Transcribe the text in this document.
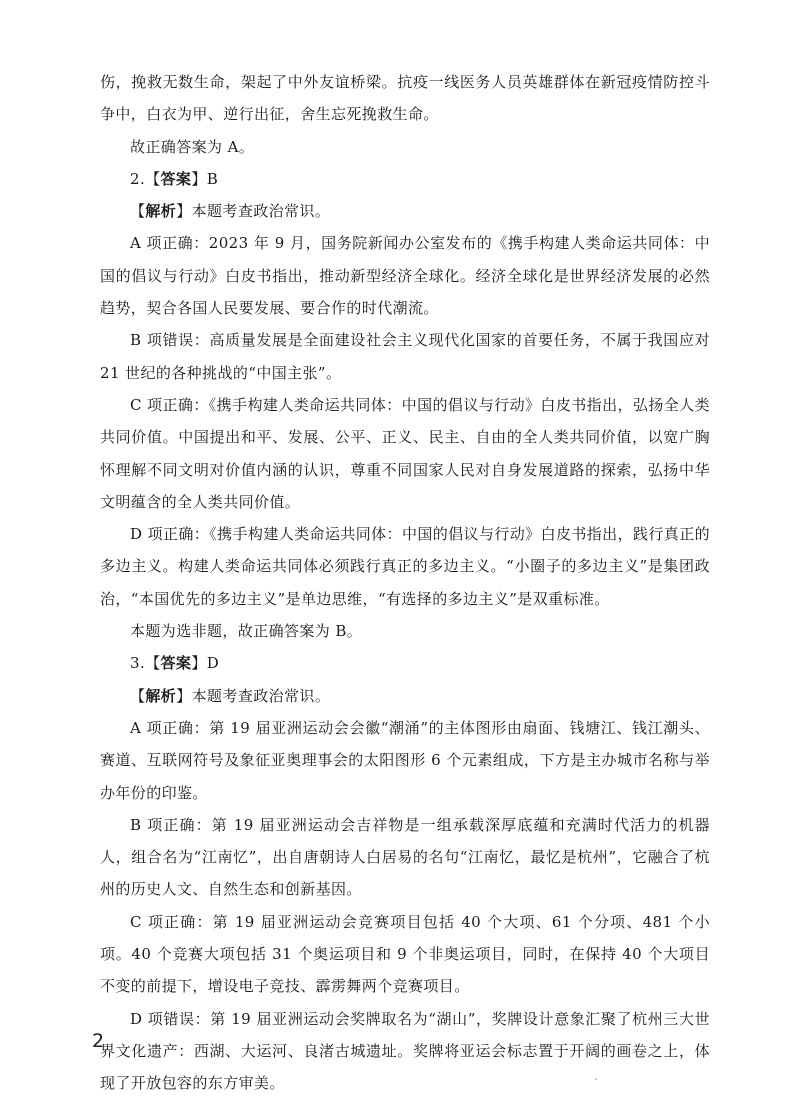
伤，挽救无数生命，架起了中外友谊桥梁。抗疫一线医务人员英雄群体在新冠疫情防控斗争中，白衣为甲、逆行出征，舍生忘死挽救生命。

故正确答案为 A。

2.【答案】B

【解析】本题考查政治常识。

A 项正确：2023 年 9 月，国务院新闻办公室发布的《携手构建人类命运共同体：中国的倡议与行动》白皮书指出，推动新型经济全球化。经济全球化是世界经济发展的必然趋势，契合各国人民要发展、要合作的时代潮流。

B 项错误：高质量发展是全面建设社会主义现代化国家的首要任务，不属于我国应对 21 世纪的各种挑战的“中国主张”。

C 项正确：《携手构建人类命运共同体：中国的倡议与行动》白皮书指出，弘扬全人类共同价值。中国提出和平、发展、公平、正义、民主、自由的全人类共同价值，以宽广胸怀理解不同文明对价值内涵的认识，尊重不同国家人民对自身发展道路的探索，弘扬中华文明蕴含的全人类共同价值。

D 项正确：《携手构建人类命运共同体：中国的倡议与行动》白皮书指出，践行真正的多边主义。构建人类命运共同体必须践行真正的多边主义。“小圈子的多边主义”是集团政治，“本国优先的多边主义”是单边思维，“有选择的多边主义”是双重标准。

本题为选非题，故正确答案为 B。

3.【答案】D

【解析】本题考查政治常识。

A 项正确：第 19 届亚洲运动会会徽“潮涌”的主体图形由扇面、钱塘江、钱江潮头、赛道、互联网符号及象征亚奥理事会的太阳图形 6 个元素组成，下方是主办城市名称与举办年份的印鉴。

B 项正确：第 19 届亚洲运动会吉祥物是一组承载深厚底蕴和充满时代活力的机器人，组合名为“江南忆”，出自唐朝诗人白居易的名句“江南忆，最忆是杭州”，它融合了杭州的历史人文、自然生态和创新基因。

C 项正确：第 19 届亚洲运动会竞赛项目包括 40 个大项、61 个分项、481 个小项。40 个竞赛大项包括 31 个奥运项目和 9 个非奥运项目，同时，在保持 40 个大项目不变的前提下，增设电子竞技、霹雳舞两个竞赛项目。

D 项错误：第 19 届亚洲运动会奖牌取名为“湖山”，奖牌设计意象汇聚了杭州三大世界文化遗产：西湖、大运河、良渚古城遗址。奖牌将亚运会标志置于开阔的画卷之上，体现了开放包容的东方审美。

2
